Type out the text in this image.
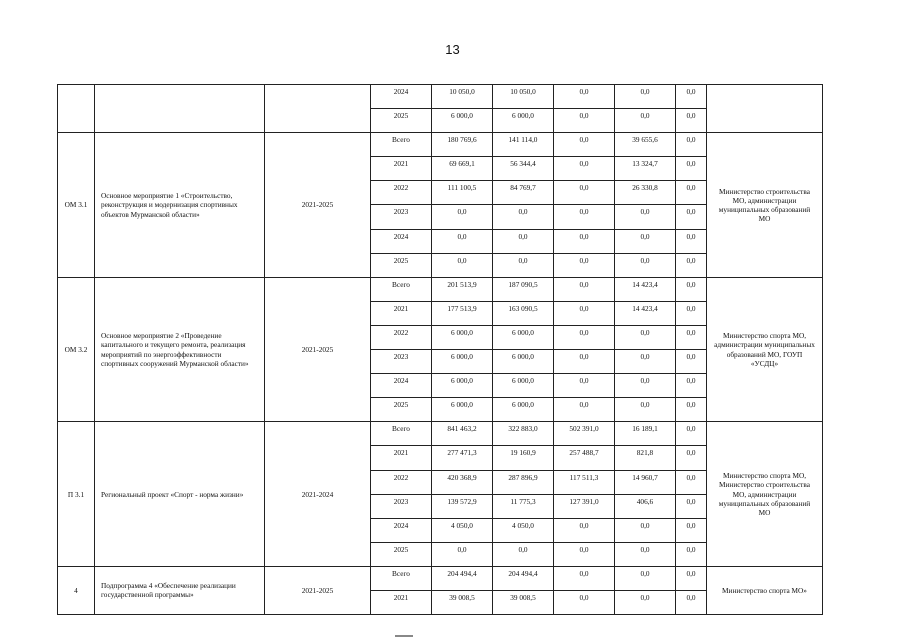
13
			2024	10 050,0	10 050,0	0,0	0,0	0,0	
			2025	6 000,0	6 000,0	0,0	0,0	0,0	
ОМ 3.1	Основное мероприятие 1 «Строительство, реконструкция и модернизация спортивных объектов Мурманской области»	2021-2025	Всего	180 769,6	141 114,0	0,0	39 655,6	0,0	Министерство строительства МО, администрации муниципальных образований МО
			2021	69 669,1	56 344,4	0,0	13 324,7	0,0	
			2022	111 100,5	84 769,7	0,0	26 330,8	0,0	
			2023	0,0	0,0	0,0	0,0	0,0	
			2024	0,0	0,0	0,0	0,0	0,0	
			2025	0,0	0,0	0,0	0,0	0,0	
ОМ 3.2	Основное мероприятие 2 «Проведение капитального и текущего ремонта, реализация мероприятий по энергоэффективности спортивных сооружений Мурманской области»	2021-2025	Всего	201 513,9	187 090,5	0,0	14 423,4	0,0	Министерство спорта МО, администрации муниципальных образований МО, ГОУП «УСДЦ»
			2021	177 513,9	163 090,5	0,0	14 423,4	0,0	
			2022	6 000,0	6 000,0	0,0	0,0	0,0	
			2023	6 000,0	6 000,0	0,0	0,0	0,0	
			2024	6 000,0	6 000,0	0,0	0,0	0,0	
			2025	6 000,0	6 000,0	0,0	0,0	0,0	
П 3.1	Региональный проект «Спорт - норма жизни»	2021-2024	Всего	841 463,2	322 883,0	502 391,0	16 189,1	0,0	Министерство спорта МО, Министерство строительства МО, администрации муниципальных образований МО
			2021	277 471,3	19 160,9	257 488,7	821,8	0,0	
			2022	420 368,9	287 896,9	117 511,3	14 960,7	0,0	
			2023	139 572,9	11 775,3	127 391,0	406,6	0,0	
			2024	4 050,0	4 050,0	0,0	0,0	0,0	
			2025	0,0	0,0	0,0	0,0	0,0	
4	Подпрограмма 4 «Обеспечение реализации государственной программы»	2021-2025	Всего	204 494,4	204 494,4	0,0	0,0	0,0	Министерство спорта МО»
			2021	39 008,5	39 008,5	0,0	0,0	0,0	
